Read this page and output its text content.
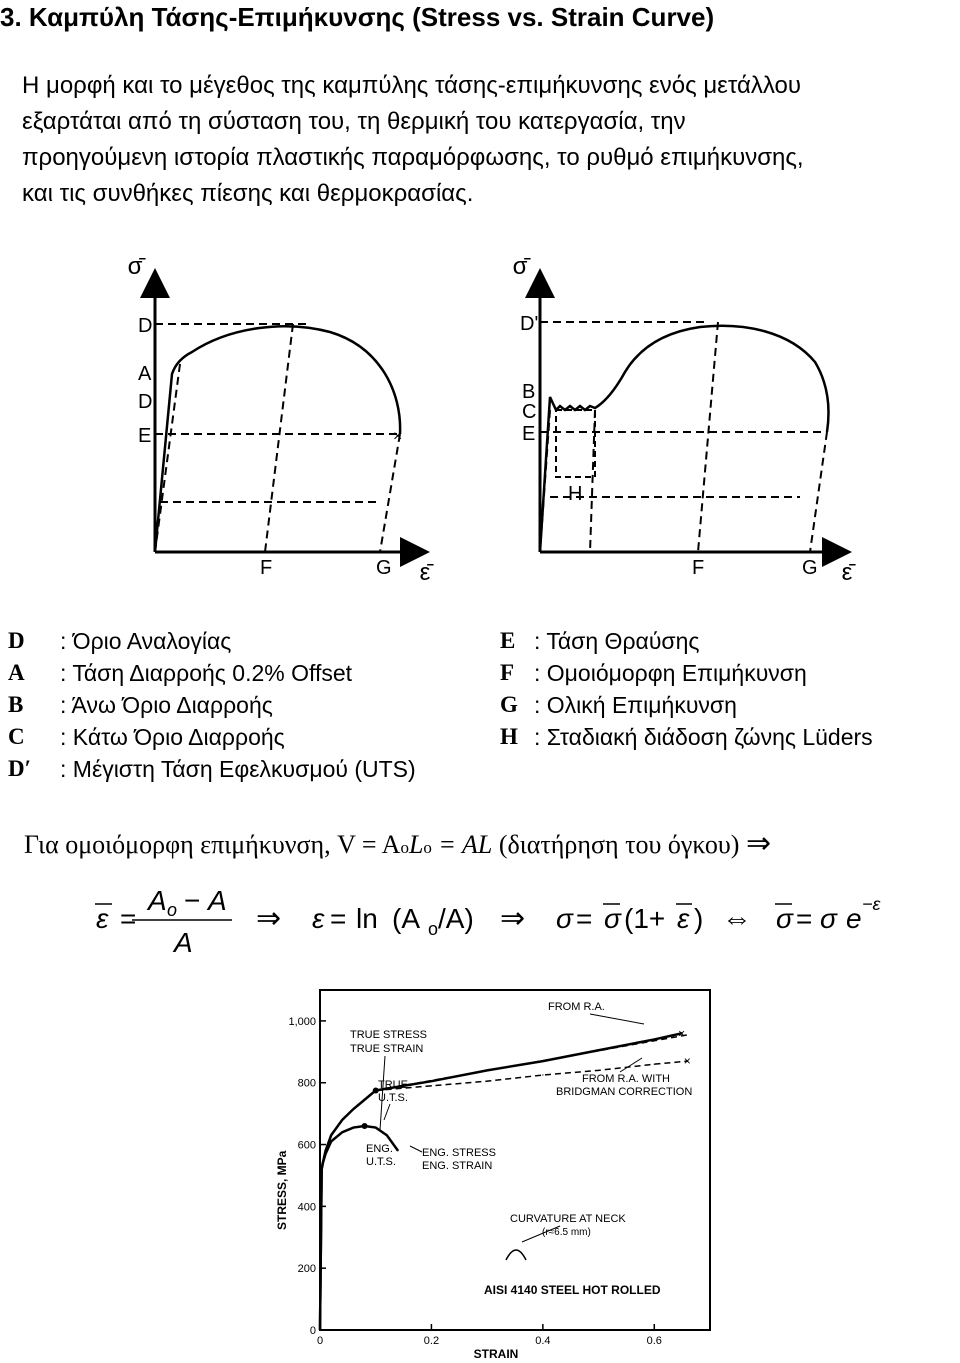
3. Καμπύλη Τάσης-Επιμήκυνσης (Stress vs. Strain Curve)
Η μορφή και το μέγεθος της καμπύλης τάσης-επιμήκυνσης ενός μετάλλου
εξαρτάται από τη σύσταση του, τη θερμική του κατεργασία, την
προηγούμενη ιστορία πλαστικής παραμόρφωσης, το ρυθμό επιμήκυνσης,
και τις συνθήκες πίεσης και θερμοκρασίας.
×
σ̄
ε̄
D'
A
D
E
F	G
σ̄
ε̄
D'
B
C
E
H
F	G
D : Όριο Αναλογίας
A : Τάση Διαρροής 0.2% Offset
B : Άνω Όριο Διαρροής
C : Κάτω Όριο Διαρροής
D′ : Μέγιστη Τάση Εφελκυσμού (UTS)
E : Τάση Θραύσης
F : Ομοιόμορφη Επιμήκυνση
G : Ολική Επιμήκυνση
H : Σταδιακή διάδοση ζώνης Lüders
Για ομοιόμορφη επιμήκυνση, V = AoLo = AL (διατήρηση του όγκου) ⇒
ε =
A o − A
A
⇒ ε = ln (A o /A) ⇒ σ = σ (1+ ε ) ⇔ σ = σ e −ε
0
200
400
600
800
1,000
0	0.2	0.4	0.6
×
×
STRESS, MPa
STRAIN
AISI 4140 STEEL HOT ROLLED
TRUE STRESS
TRUE STRAIN
TRUE
U.T.S.
ENG.
U.T.S.
ENG. STRESS
ENG. STRAIN
FROM R.A.
FROM R.A. WITH
BRIDGMAN CORRECTION
CURVATURE AT NECK
(r≈6.5 mm)
